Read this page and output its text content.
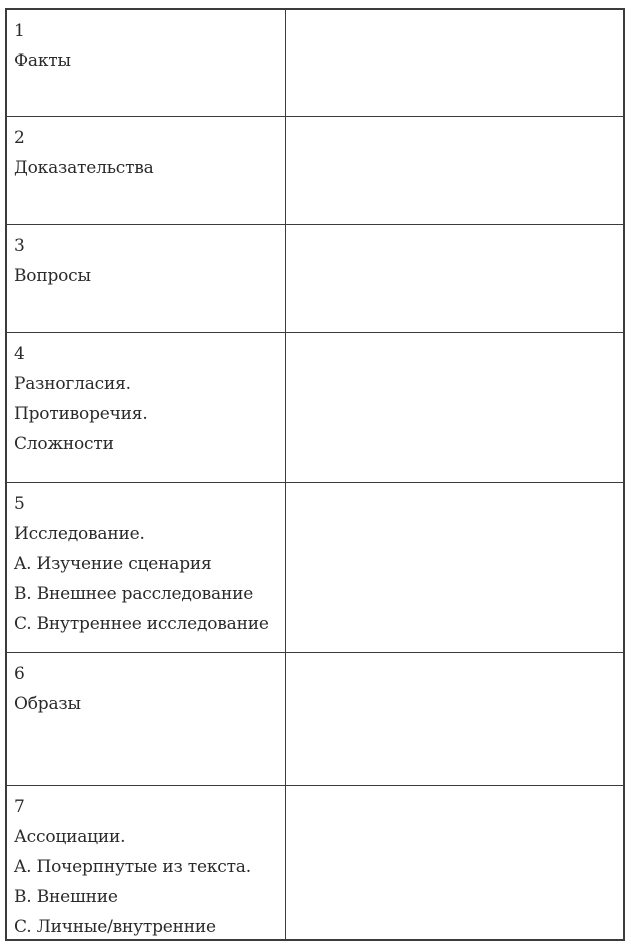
1
Факты
2
Доказательства
3
Вопросы
4
Разногласия.
Противоречия.
Сложности
5
Исследование.
A. Изучение сценария
B. Внешнее расследование
C. Внутреннее исследование
6
Образы
7
Ассоциации.
A. Почерпнутые из текста.
B. Внешние
C. Личные/внутренние
